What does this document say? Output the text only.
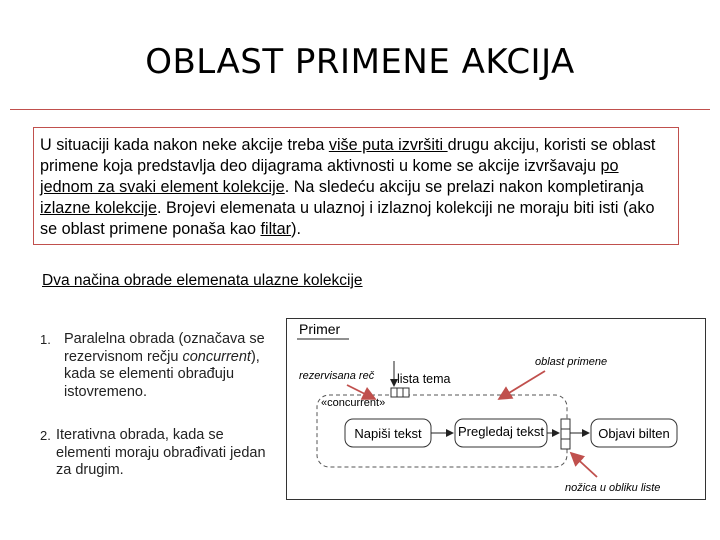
OBLAST PRIMENE AKCIJA
U situaciji kada nakon neke akcije treba više puta izvršiti drugu akciju, koristi se oblast primene koja predstavlja deo dijagrama aktivnosti u kome se akcije izvršavaju po jednom za svaki element kolekcije. Na sledeću akciju se prelazi nakon kompletiranja izlazne kolekcije. Brojevi elemenata u ulaznoj i izlaznoj kolekciji ne moraju biti isti (ako se oblast primene ponaša kao filtar).
Dva načina obrade elemenata ulazne kolekcije
1. Paralelna obrada (označava se rezervisnom rečju concurrent), kada se elementi obrađuju istovremeno.
2. Iterativna obrada, kada se elementi moraju obrađivati jedan za drugim.
Primer
«concurrent»
lista tema
rezervisana reč
oblast primene
Napiši tekst	Pregledaj tekst	Objavi bilten
nožica u obliku liste
